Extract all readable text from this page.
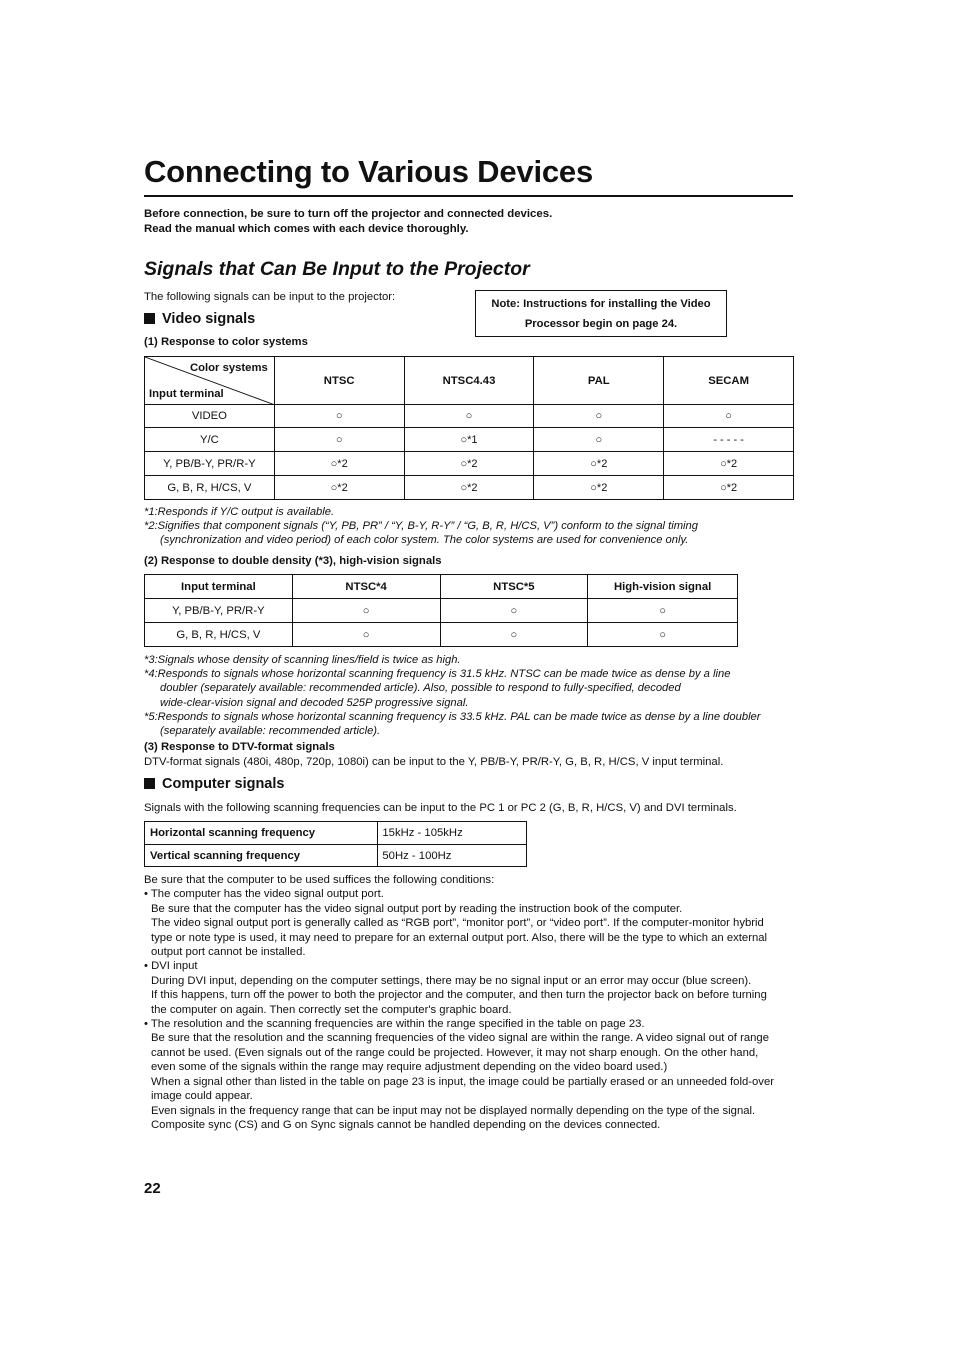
Connecting to Various Devices
Before connection, be sure to turn off the projector and connected devices.
Read the manual which comes with each device thoroughly.
Signals that Can Be Input to the Projector
The following signals can be input to the projector:
Note: Instructions for installing the Video
Processor begin on page 24.
Video signals
(1) Response to color systems
Color systems
Input terminal	NTSC	NTSC4.43	PAL	SECAM
VIDEO	○	○	○	○
Y/C	○	○*1	○	- - - - -
Y, PB/B-Y, PR/R-Y	○*2	○*2	○*2	○*2
G, B, R, H/CS, V	○*2	○*2	○*2	○*2
*1:Responds if Y/C output is available.
*2:Signifies that component signals (“Y, PB, PR” / “Y, B-Y, R-Y” / “G, B, R, H/CS, V”) conform to the signal timing
(synchronization and video period) of each color system. The color systems are used for convenience only.
(2) Response to double density (*3), high-vision signals
Input terminal	NTSC*4	NTSC*5	High-vision signal
Y, PB/B-Y, PR/R-Y	○	○	○
G, B, R, H/CS, V	○	○	○
*3:Signals whose density of scanning lines/field is twice as high.
*4:Responds to signals whose horizontal scanning frequency is 31.5 kHz. NTSC can be made twice as dense by a line
doubler (separately available: recommended article). Also, possible to respond to fully-specified, decoded
wide-clear-vision signal and decoded 525P progressive signal.
*5:Responds to signals whose horizontal scanning frequency is 33.5 kHz. PAL can be made twice as dense by a line doubler
(separately available: recommended article).
(3) Response to DTV-format signals
DTV-format signals (480i, 480p, 720p, 1080i) can be input to the Y, PB/B-Y, PR/R-Y, G, B, R, H/CS, V input terminal.
Computer signals
Signals with the following scanning frequencies can be input to the PC 1 or PC 2 (G, B, R, H/CS, V) and DVI terminals.
Horizontal scanning frequency	15kHz - 105kHz
Vertical scanning frequency	50Hz - 100Hz
Be sure that the computer to be used suffices the following conditions:
• The computer has the video signal output port.
Be sure that the computer has the video signal output port by reading the instruction book of the computer.
The video signal output port is generally called as “RGB port”, “monitor port”, or “video port”. If the computer-monitor hybrid
type or note type is used, it may need to prepare for an external output port. Also, there will be the type to which an external
output port cannot be installed.
• DVI input
During DVI input, depending on the computer settings, there may be no signal input or an error may occur (blue screen).
If this happens, turn off the power to both the projector and the computer, and then turn the projector back on before turning
the computer on again. Then correctly set the computer's graphic board.
• The resolution and the scanning frequencies are within the range specified in the table on page 23.
Be sure that the resolution and the scanning frequencies of the video signal are within the range. A video signal out of range
cannot be used. (Even signals out of the range could be projected. However, it may not sharp enough. On the other hand,
even some of the signals within the range may require adjustment depending on the video board used.)
When a signal other than listed in the table on page 23 is input, the image could be partially erased or an unneeded fold-over
image could appear.
Even signals in the frequency range that can be input may not be displayed normally depending on the type of the signal.
Composite sync (CS) and G on Sync signals cannot be handled depending on the devices connected.
22
